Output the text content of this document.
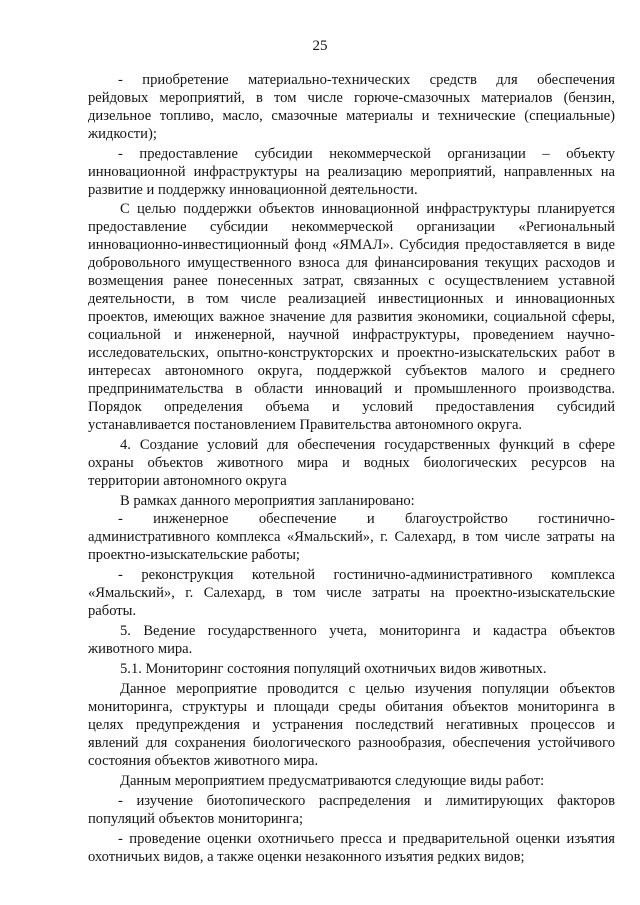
25
- приобретение материально-технических средств для обеспечения
рейдовых мероприятий, в том числе горюче-смазочных материалов (бензин,
дизельное топливо, масло, смазочные материалы и технические (специальные)
жидкости);
- предоставление субсидии некоммерческой организации – объекту
инновационной инфраструктуры на реализацию мероприятий, направленных на
развитие и поддержку инновационной деятельности.
С целью поддержки объектов инновационной инфраструктуры планируется
предоставление субсидии некоммерческой организации «Региональный
инновационно-инвестиционный фонд «ЯМАЛ». Субсидия предоставляется в виде
добровольного имущественного взноса для финансирования текущих расходов и
возмещения ранее понесенных затрат, связанных с осуществлением уставной
деятельности, в том числе реализацией инвестиционных и инновационных
проектов, имеющих важное значение для развития экономики, социальной сферы,
социальной и инженерной, научной инфраструктуры, проведением научно-
исследовательских, опытно-конструкторских и проектно-изыскательских работ в
интересах автономного округа, поддержкой субъектов малого и среднего
предпринимательства в области инноваций и промышленного производства.
Порядок определения объема и условий предоставления субсидий
устанавливается постановлением Правительства автономного округа.
4. Создание условий для обеспечения государственных функций в сфере
охраны объектов животного мира и водных биологических ресурсов на
территории автономного округа
В рамках данного мероприятия запланировано:
- инженерное обеспечение и благоустройство гостинично-
административного комплекса «Ямальский», г. Салехард, в том числе затраты на
проектно-изыскательские работы;
- реконструкция котельной гостинично-административного комплекса
«Ямальский», г. Салехард, в том числе затраты на проектно-изыскательские
работы.
5. Ведение государственного учета, мониторинга и кадастра объектов
животного мира.
5.1. Мониторинг состояния популяций охотничьих видов животных.
Данное мероприятие проводится с целью изучения популяции объектов
мониторинга, структуры и площади среды обитания объектов мониторинга в
целях предупреждения и устранения последствий негативных процессов и
явлений для сохранения биологического разнообразия, обеспечения устойчивого
состояния объектов животного мира.
Данным мероприятием предусматриваются следующие виды работ:
- изучение биотопического распределения и лимитирующих факторов
популяций объектов мониторинга;
- проведение оценки охотничьего пресса и предварительной оценки изъятия
охотничьих видов, а также оценки незаконного изъятия редких видов;
